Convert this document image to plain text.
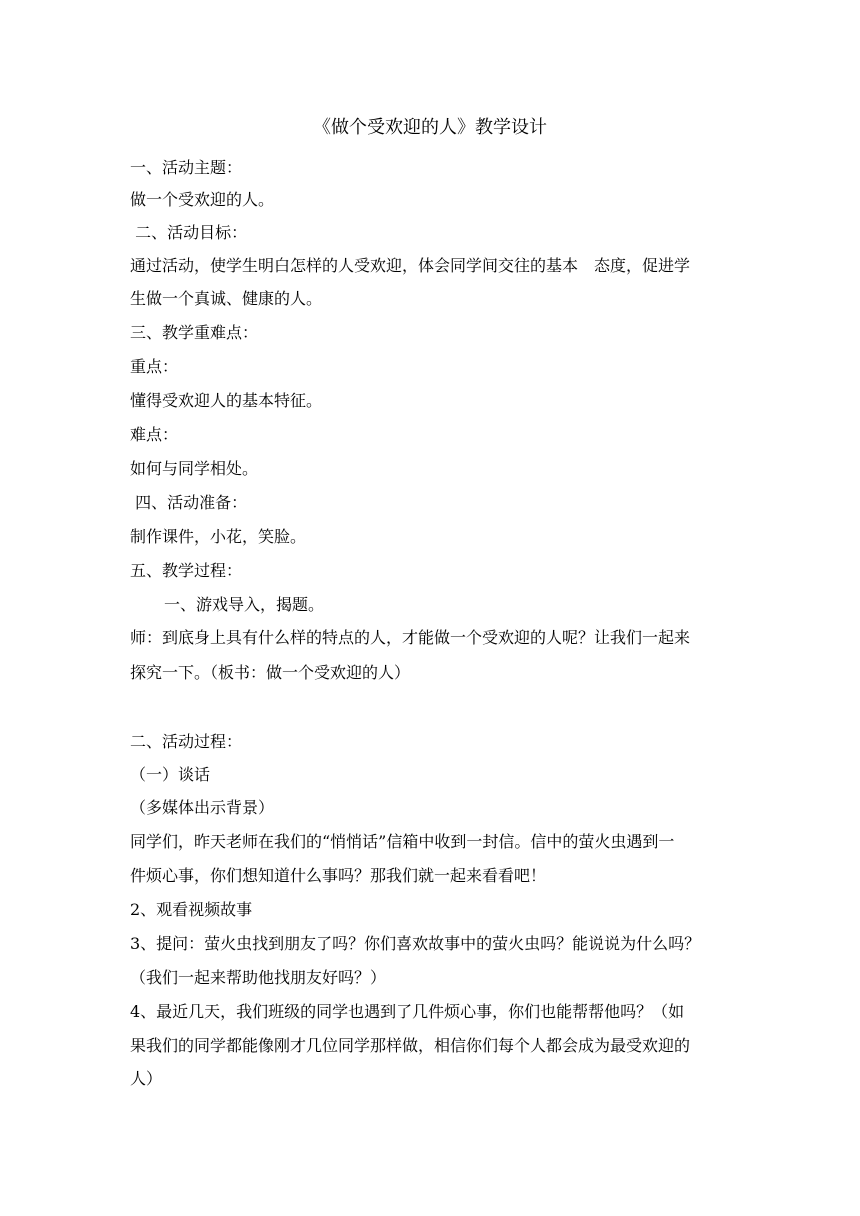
《做个受欢迎的人》教学设计
一、活动主题：
做一个受欢迎的人。
二、活动目标：
通过活动，使学生明白怎样的人受欢迎，体会同学间交往的基本　态度，促进学
生做一个真诚、健康的人。
三、教学重难点：
重点：
懂得受欢迎人的基本特征。
难点：
如何与同学相处。
四、活动准备：
制作课件，小花，笑脸。
五、教学过程：
一、游戏导入，揭题。
师：到底身上具有什么样的特点的人，才能做一个受欢迎的人呢？让我们一起来
探究一下。（板书：做一个受欢迎的人）
二、活动过程：
（一）谈话
（多媒体出示背景）
同学们，昨天老师在我们的“悄悄话”信箱中收到一封信。信中的萤火虫遇到一
件烦心事，你们想知道什么事吗？那我们就一起来看看吧！
2、观看视频故事
3、提问：萤火虫找到朋友了吗？你们喜欢故事中的萤火虫吗？能说说为什么吗？
（我们一起来帮助他找朋友好吗？）
4、最近几天，我们班级的同学也遇到了几件烦心事，你们也能帮帮他吗？（如
果我们的同学都能像刚才几位同学那样做，相信你们每个人都会成为最受欢迎的
人）
